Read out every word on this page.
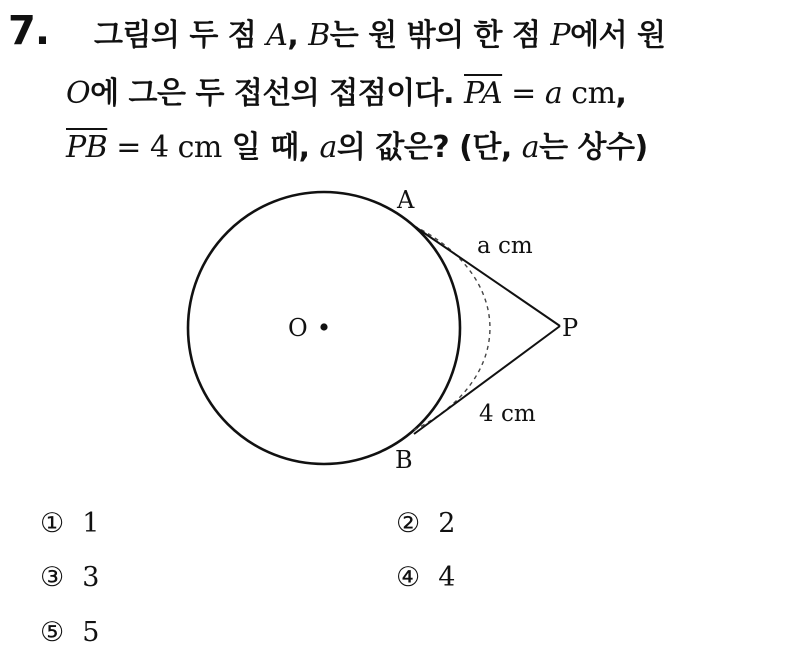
7. 그림의 두 점 A, B는 원 밖의 한 점 P에서 원
O에 그은 두 접선의 접점이다. $\overline{PA} = a$ cm,
$\overline{PB} = 4$ cm 일 때, a의 값은? (단, a는 상수)
A
B
O	P
a cm
4 cm
① 1	② 2
③ 3	④ 4
⑤ 5
